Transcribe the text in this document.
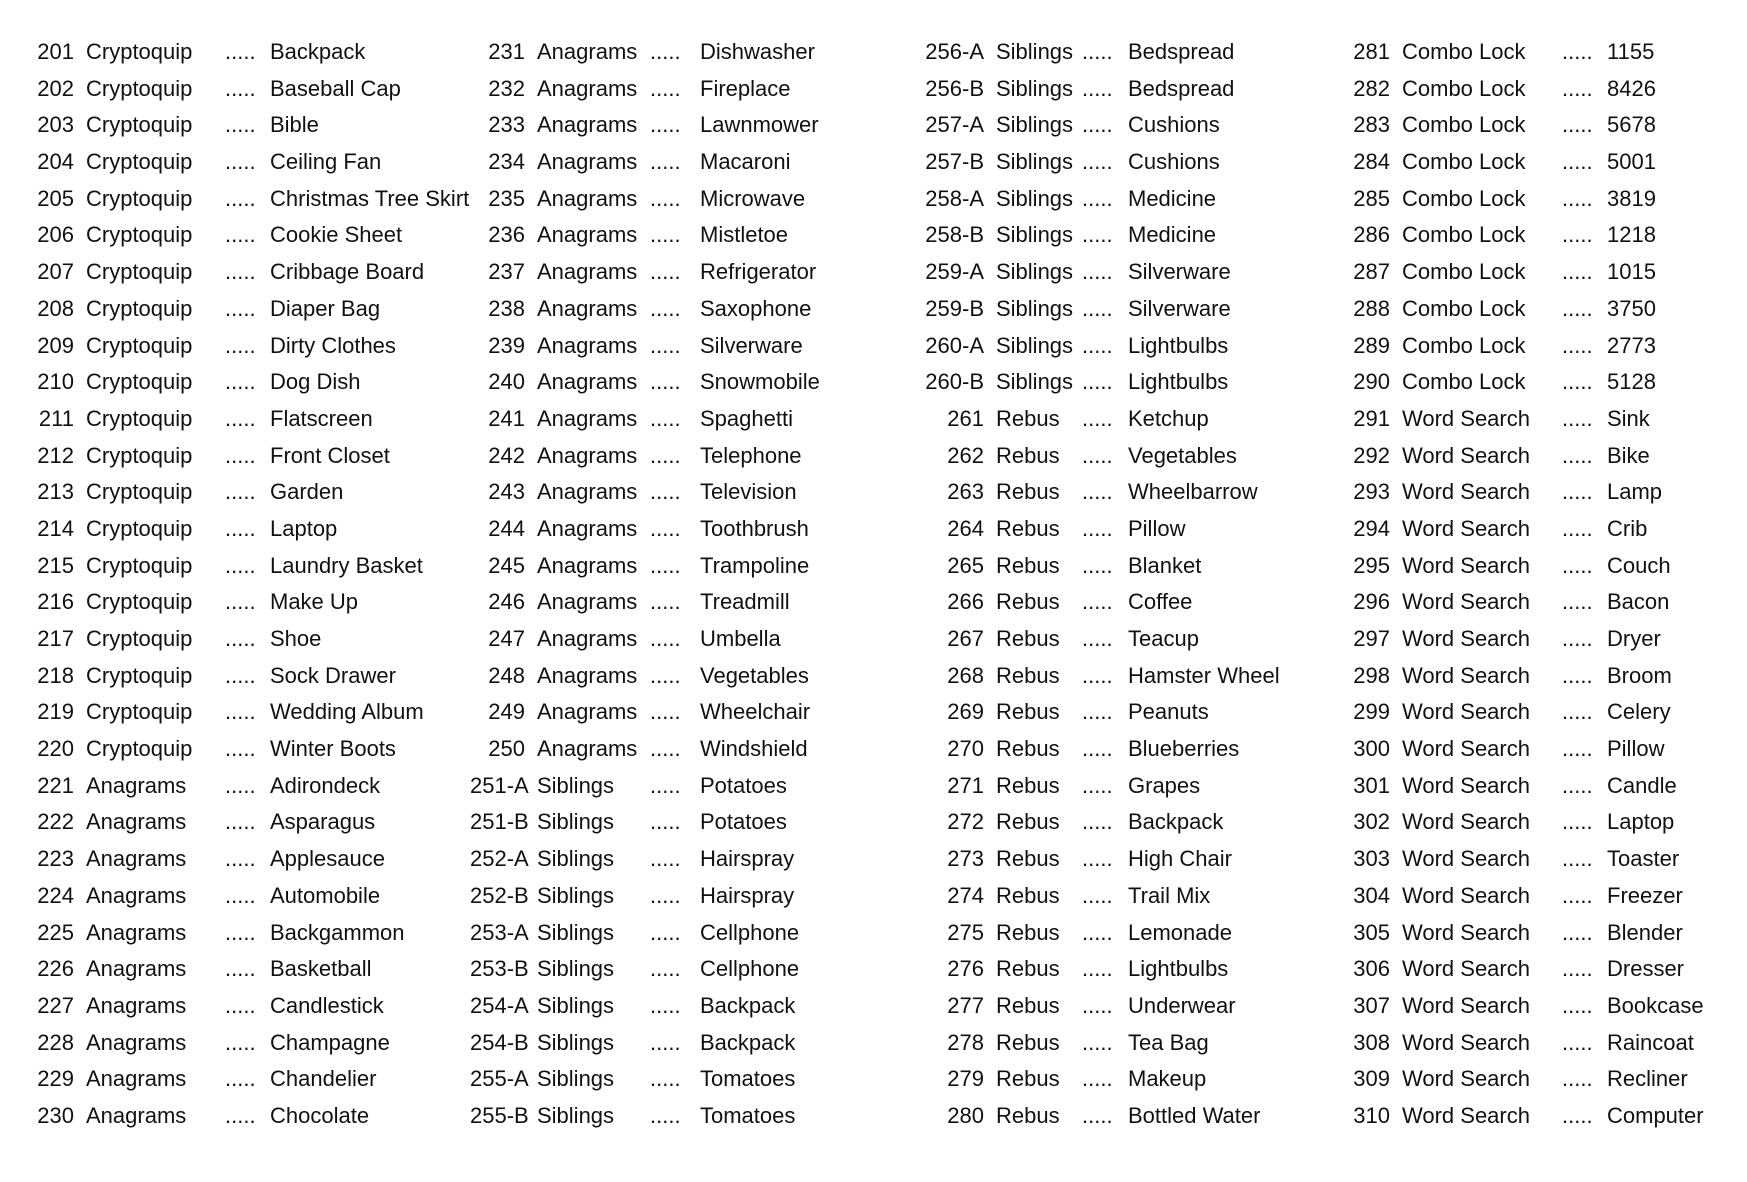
201 Cryptoquip ..... Backpack
202 Cryptoquip ..... Baseball Cap
203 Cryptoquip ..... Bible
204 Cryptoquip ..... Ceiling Fan
205 Cryptoquip ..... Christmas Tree Skirt
206 Cryptoquip ..... Cookie Sheet
207 Cryptoquip ..... Cribbage Board
208 Cryptoquip ..... Diaper Bag
209 Cryptoquip ..... Dirty Clothes
210 Cryptoquip ..... Dog Dish
211 Cryptoquip ..... Flatscreen
212 Cryptoquip ..... Front Closet
213 Cryptoquip ..... Garden
214 Cryptoquip ..... Laptop
215 Cryptoquip ..... Laundry Basket
216 Cryptoquip ..... Make Up
217 Cryptoquip ..... Shoe
218 Cryptoquip ..... Sock Drawer
219 Cryptoquip ..... Wedding Album
220 Cryptoquip ..... Winter Boots
221 Anagrams ..... Adirondeck
222 Anagrams ..... Asparagus
223 Anagrams ..... Applesauce
224 Anagrams ..... Automobile
225 Anagrams ..... Backgammon
226 Anagrams ..... Basketball
227 Anagrams ..... Candlestick
228 Anagrams ..... Champagne
229 Anagrams ..... Chandelier
230 Anagrams ..... Chocolate
231 Anagrams ..... Dishwasher
232 Anagrams ..... Fireplace
233 Anagrams ..... Lawnmower
234 Anagrams ..... Macaroni
235 Anagrams ..... Microwave
236 Anagrams ..... Mistletoe
237 Anagrams ..... Refrigerator
238 Anagrams ..... Saxophone
239 Anagrams ..... Silverware
240 Anagrams ..... Snowmobile
241 Anagrams ..... Spaghetti
242 Anagrams ..... Telephone
243 Anagrams ..... Television
244 Anagrams ..... Toothbrush
245 Anagrams ..... Trampoline
246 Anagrams ..... Treadmill
247 Anagrams ..... Umbella
248 Anagrams ..... Vegetables
249 Anagrams ..... Wheelchair
250 Anagrams ..... Windshield
251-A Siblings ..... Potatoes
251-B Siblings ..... Potatoes
252-A Siblings ..... Hairspray
252-B Siblings ..... Hairspray
253-A Siblings ..... Cellphone
253-B Siblings ..... Cellphone
254-A Siblings ..... Backpack
254-B Siblings ..... Backpack
255-A Siblings ..... Tomatoes
255-B Siblings ..... Tomatoes
256-A Siblings ..... Bedspread
256-B Siblings ..... Bedspread
257-A Siblings ..... Cushions
257-B Siblings ..... Cushions
258-A Siblings ..... Medicine
258-B Siblings ..... Medicine
259-A Siblings ..... Silverware
259-B Siblings ..... Silverware
260-A Siblings ..... Lightbulbs
260-B Siblings ..... Lightbulbs
261 Rebus ..... Ketchup
262 Rebus ..... Vegetables
263 Rebus ..... Wheelbarrow
264 Rebus ..... Pillow
265 Rebus ..... Blanket
266 Rebus ..... Coffee
267 Rebus ..... Teacup
268 Rebus ..... Hamster Wheel
269 Rebus ..... Peanuts
270 Rebus ..... Blueberries
271 Rebus ..... Grapes
272 Rebus ..... Backpack
273 Rebus ..... High Chair
274 Rebus ..... Trail Mix
275 Rebus ..... Lemonade
276 Rebus ..... Lightbulbs
277 Rebus ..... Underwear
278 Rebus ..... Tea Bag
279 Rebus ..... Makeup
280 Rebus ..... Bottled Water
281 Combo Lock ..... 1155
282 Combo Lock ..... 8426
283 Combo Lock ..... 5678
284 Combo Lock ..... 5001
285 Combo Lock ..... 3819
286 Combo Lock ..... 1218
287 Combo Lock ..... 1015
288 Combo Lock ..... 3750
289 Combo Lock ..... 2773
290 Combo Lock ..... 5128
291 Word Search ..... Sink
292 Word Search ..... Bike
293 Word Search ..... Lamp
294 Word Search ..... Crib
295 Word Search ..... Couch
296 Word Search ..... Bacon
297 Word Search ..... Dryer
298 Word Search ..... Broom
299 Word Search ..... Celery
300 Word Search ..... Pillow
301 Word Search ..... Candle
302 Word Search ..... Laptop
303 Word Search ..... Toaster
304 Word Search ..... Freezer
305 Word Search ..... Blender
306 Word Search ..... Dresser
307 Word Search ..... Bookcase
308 Word Search ..... Raincoat
309 Word Search ..... Recliner
310 Word Search ..... Computer
